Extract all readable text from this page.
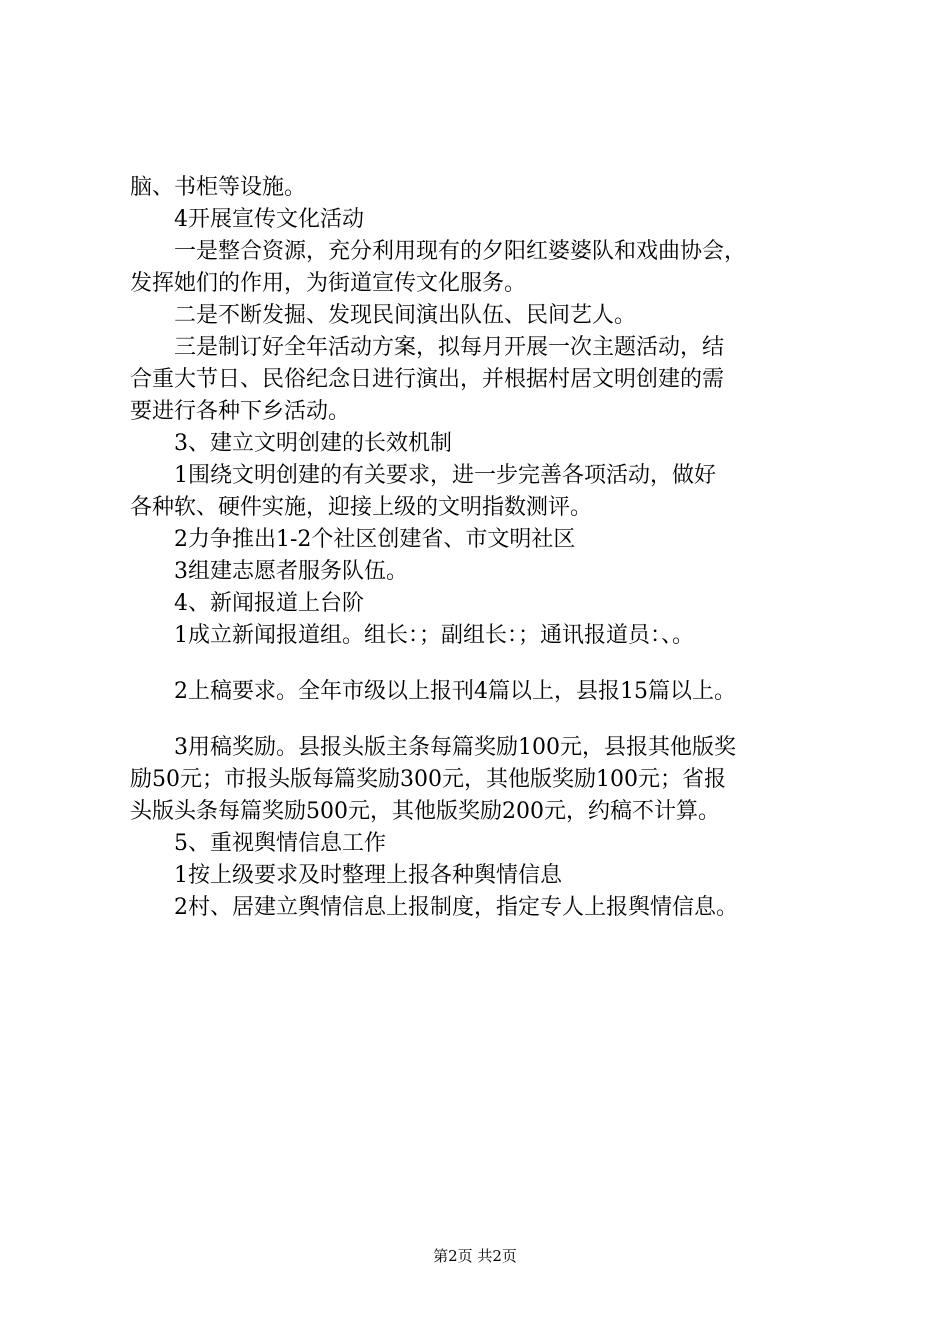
脑、书柜等设施。
4开展宣传文化活动
一是整合资源，充分利用现有的夕阳红婆婆队和戏曲协会，
发挥她们的作用，为街道宣传文化服务。
二是不断发掘、发现民间演出队伍、民间艺人。
三是制订好全年活动方案，拟每月开展一次主题活动，结
合重大节日、民俗纪念日进行演出，并根据村居文明创建的需
要进行各种下乡活动。
3、建立文明创建的长效机制
1围绕文明创建的有关要求，进一步完善各项活动，做好
各种软、硬件实施，迎接上级的文明指数测评。
2力争推出1-2个社区创建省、市文明社区
3组建志愿者服务队伍。
4、新闻报道上台阶
1成立新闻报道组。组长：；副组长：；通讯报道员：、。
2上稿要求。全年市级以上报刊4篇以上，县报15篇以上。
3用稿奖励。县报头版主条每篇奖励100元，县报其他版奖
励50元；市报头版每篇奖励300元，其他版奖励100元；省报
头版头条每篇奖励500元，其他版奖励200元，约稿不计算。
5、重视舆情信息工作
1按上级要求及时整理上报各种舆情信息
2村、居建立舆情信息上报制度，指定专人上报舆情信息。
第2页 共2页
